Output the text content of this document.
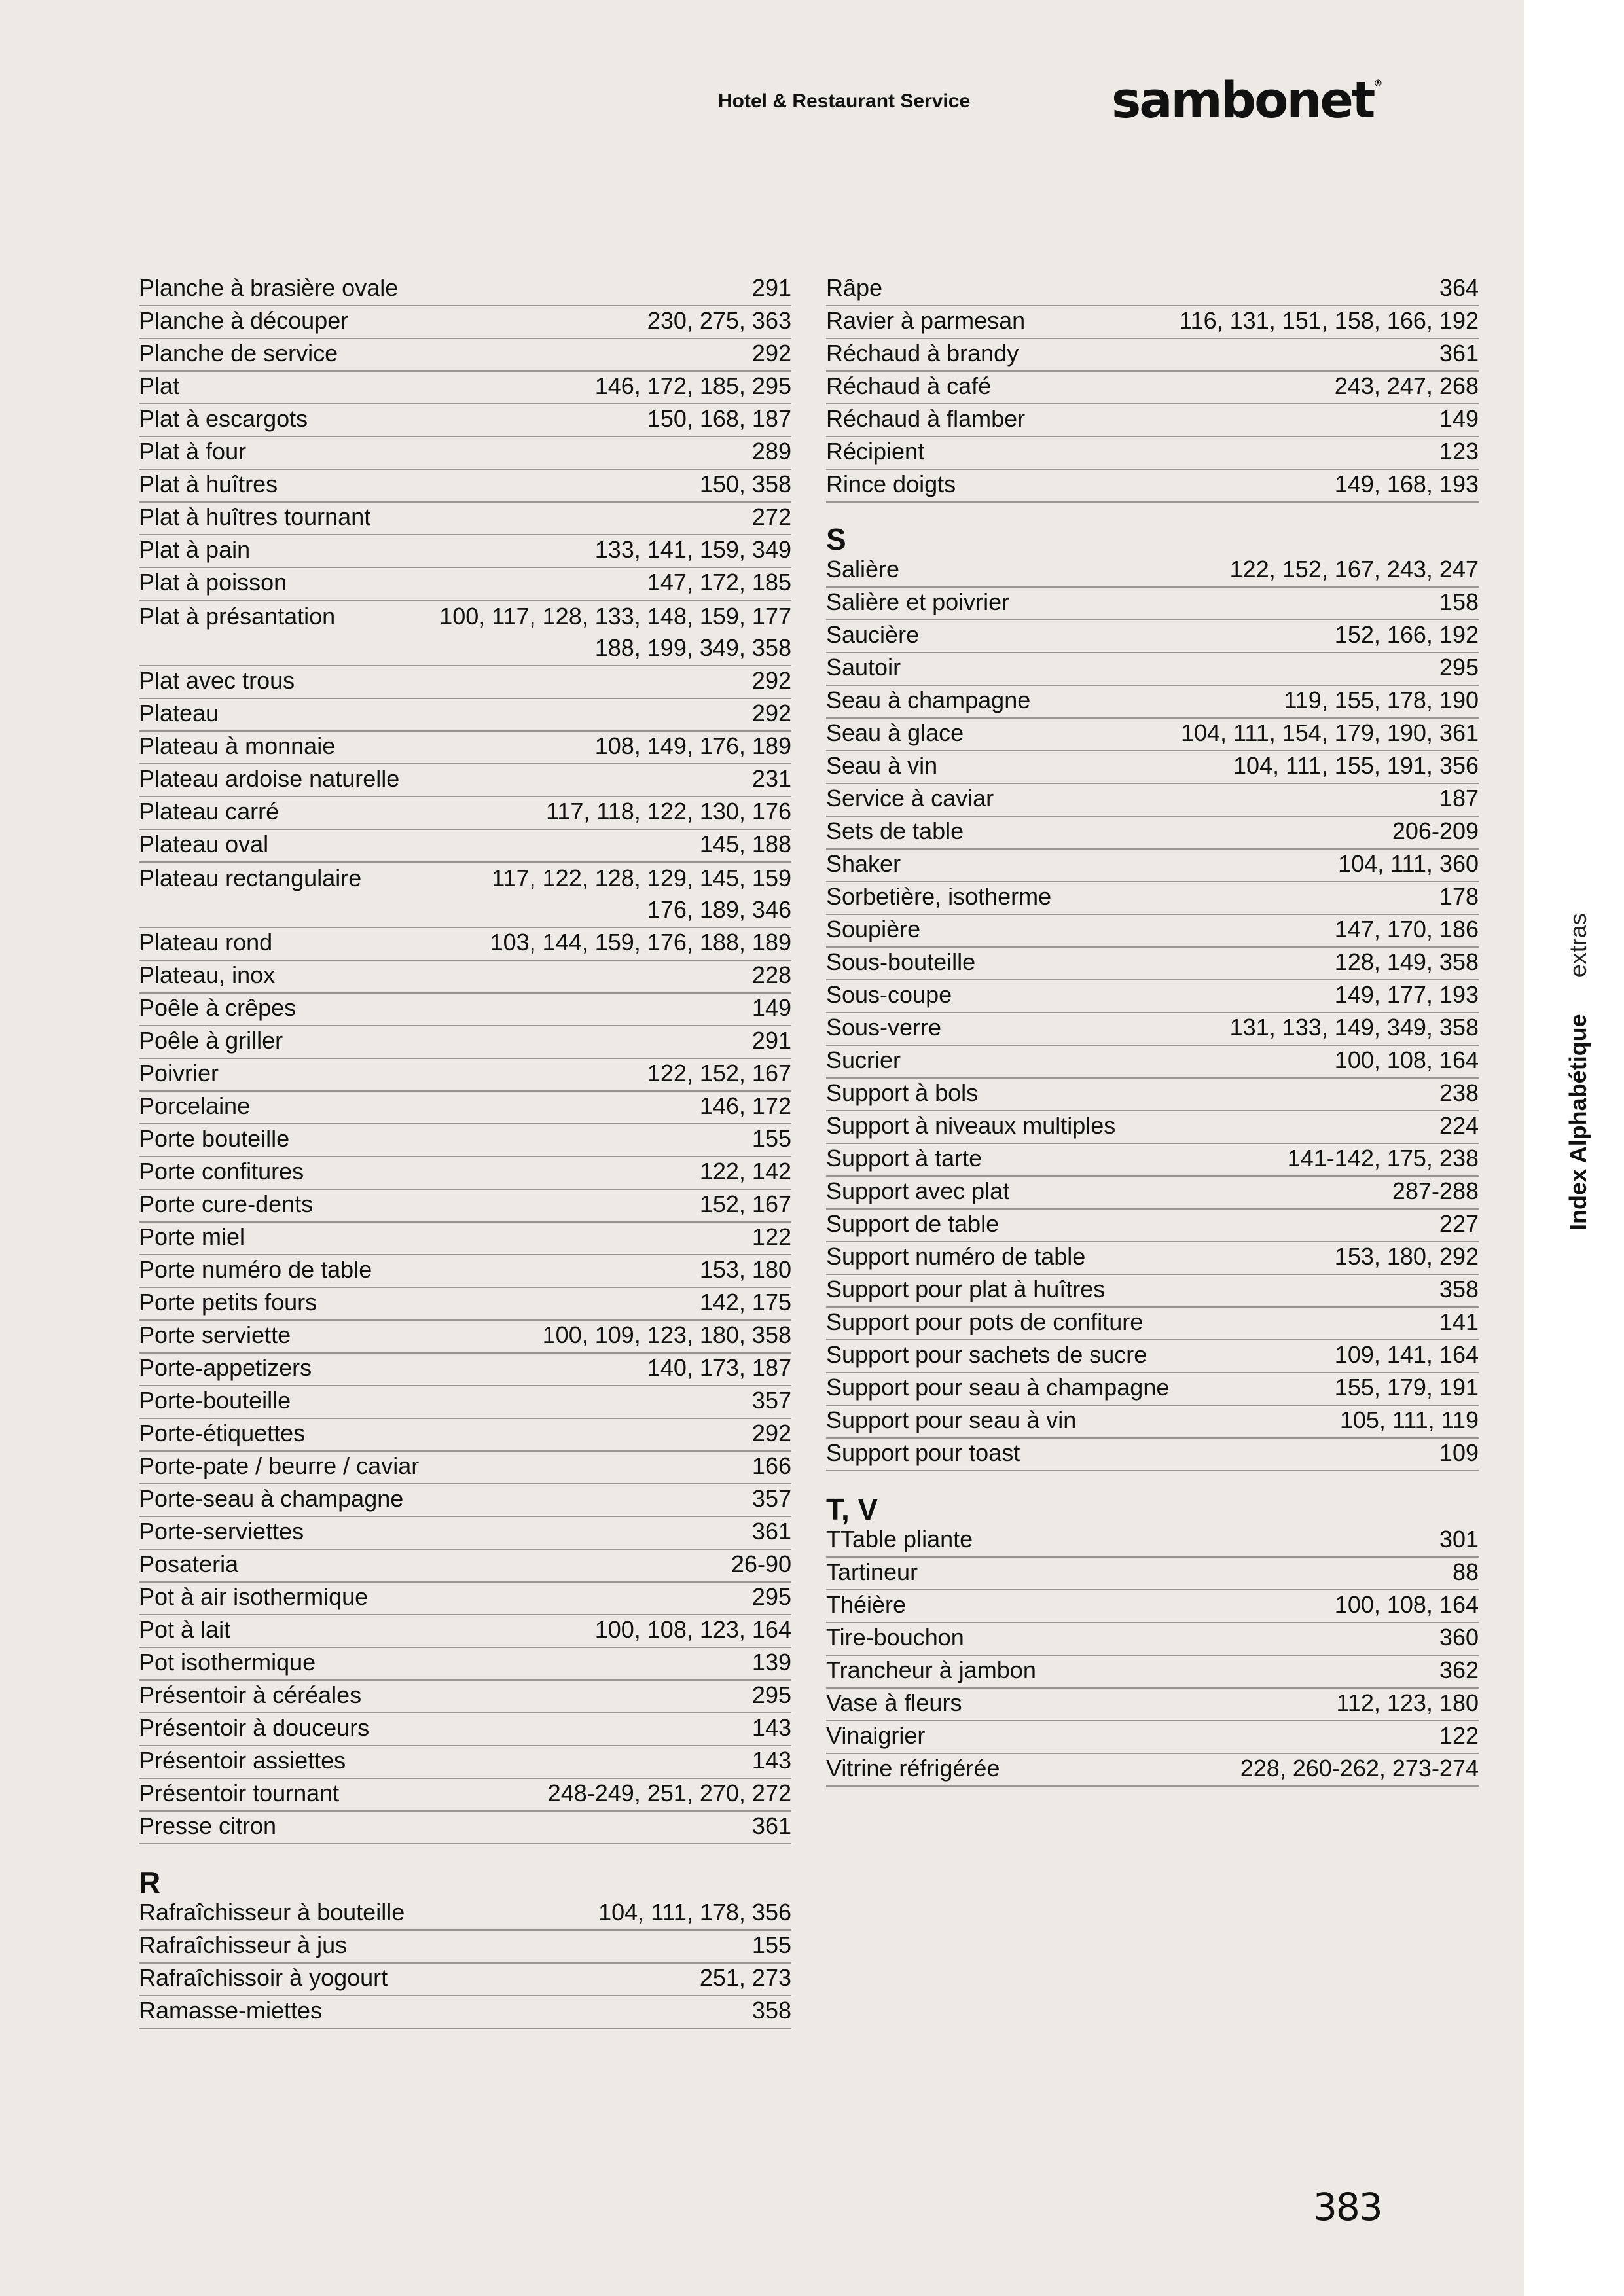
Hotel & Restaurant Service	sambonet®
Planche à brasière ovale	291
Planche à découper	230, 275, 363
Planche de service	292
Plat	146, 172, 185, 295
Plat à escargots	150, 168, 187
Plat à four	289
Plat à huîtres	150, 358
Plat à huîtres tournant	272
Plat à pain	133, 141, 159, 349
Plat à poisson	147, 172, 185
Plat à présantation	100, 117, 128, 133, 148, 159, 177
188, 199, 349, 358
Plat avec trous	292
Plateau	292
Plateau à monnaie	108, 149, 176, 189
Plateau ardoise naturelle	231
Plateau carré	117, 118, 122, 130, 176
Plateau oval	145, 188
Plateau rectangulaire	117, 122, 128, 129, 145, 159
176, 189, 346
Plateau rond	103, 144, 159, 176, 188, 189
Plateau, inox	228
Poêle à crêpes	149
Poêle à griller	291
Poivrier	122, 152, 167
Porcelaine	146, 172
Porte bouteille	155
Porte confitures	122, 142
Porte cure-dents	152, 167
Porte miel	122
Porte numéro de table	153, 180
Porte petits fours	142, 175
Porte serviette	100, 109, 123, 180, 358
Porte-appetizers	140, 173, 187
Porte-bouteille	357
Porte-étiquettes	292
Porte-pate / beurre / caviar	166
Porte-seau à champagne	357
Porte-serviettes	361
Posateria	26-90
Pot à air isothermique	295
Pot à lait	100, 108, 123, 164
Pot isothermique	139
Présentoir à céréales	295
Présentoir à douceurs	143
Présentoir assiettes	143
Présentoir tournant	248-249, 251, 270, 272
Presse citron	361
R
Rafraîchisseur à bouteille	104, 111, 178, 356
Rafraîchisseur à jus	155
Rafraîchissoir à yogourt	251, 273
Ramasse-miettes	358
Râpe	364
Ravier à parmesan	116, 131, 151, 158, 166, 192
Réchaud à brandy	361
Réchaud à café	243, 247, 268
Réchaud à flamber	149
Récipient	123
Rince doigts	149, 168, 193
S
Salière	122, 152, 167, 243, 247
Salière et poivrier	158
Saucière	152, 166, 192
Sautoir	295
Seau à champagne	119, 155, 178, 190
Seau à glace	104, 111, 154, 179, 190, 361
Seau à vin	104, 111, 155, 191, 356
Service à caviar	187
Sets de table	206-209
Shaker	104, 111, 360
Sorbetière, isotherme	178
Soupière	147, 170, 186
Sous-bouteille	128, 149, 358
Sous-coupe	149, 177, 193
Sous-verre	131, 133, 149, 349, 358
Sucrier	100, 108, 164
Support à bols	238
Support à niveaux multiples	224
Support à tarte	141-142, 175, 238
Support avec plat	287-288
Support de table	227
Support numéro de table	153, 180, 292
Support pour plat à huîtres	358
Support pour pots de confiture	141
Support pour sachets de sucre	109, 141, 164
Support pour seau à champagne	155, 179, 191
Support pour seau à vin	105, 111, 119
Support pour toast	109
T, V
TTable pliante	301
Tartineur	88
Théière	100, 108, 164
Tire-bouchon	360
Trancheur à jambon	362
Vase à fleurs	112, 123, 180
Vinaigrier	122
Vitrine réfrigérée	228, 260-262, 273-274
Index Alphabétiqueextras
383
